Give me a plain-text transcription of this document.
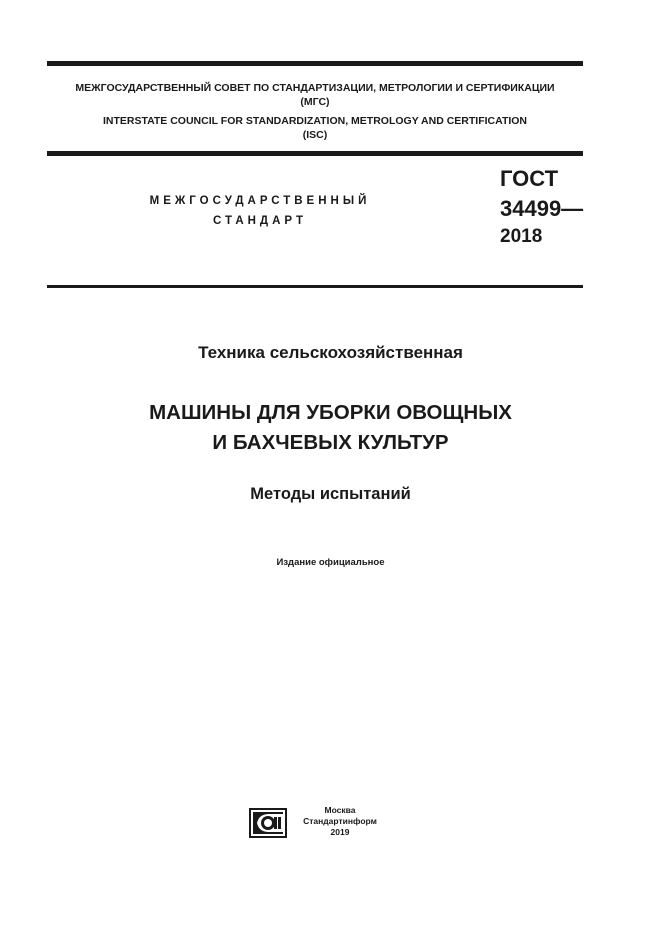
МЕЖГОСУДАРСТВЕННЫЙ СОВЕТ ПО СТАНДАРТИЗАЦИИ, МЕТРОЛОГИИ И СЕРТИФИКАЦИИ
(МГС)
INTERSTATE COUNCIL FOR STANDARDIZATION, METROLOGY AND CERTIFICATION
(ISC)
МЕЖГОСУДАРСТВЕННЫЙ
СТАНДАРТ
ГОСТ
34499—
2018
Техника сельскохозяйственная
МАШИНЫ ДЛЯ УБОРКИ ОВОЩНЫХ
И БАХЧЕВЫХ КУЛЬТУР
Методы испытаний
Издание официальное
Москва
Стандартинформ
2019
